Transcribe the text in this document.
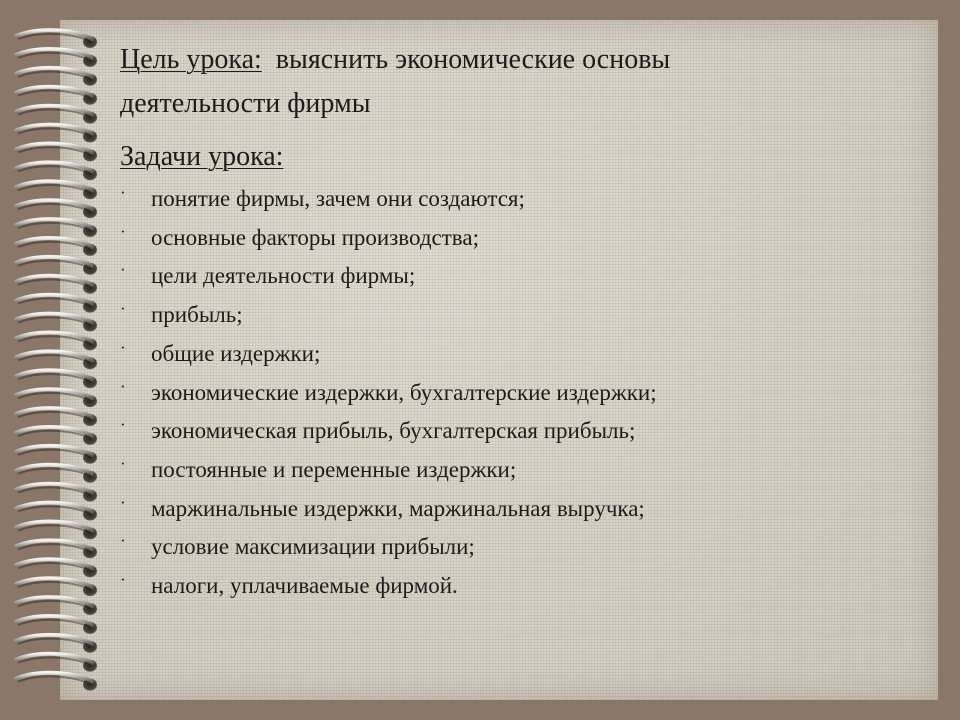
Цель урока: выяснить экономические основы
деятельности фирмы

Задачи урока:
· понятие фирмы, зачем они создаются;
· основные факторы производства;
· цели деятельности фирмы;
· прибыль;
· общие издержки;
· экономические издержки, бухгалтерские издержки;
· экономическая прибыль, бухгалтерская прибыль;
· постоянные и переменные издержки;
· маржинальные издержки, маржинальная выручка;
· условие максимизации прибыли;
· налоги, уплачиваемые фирмой.
